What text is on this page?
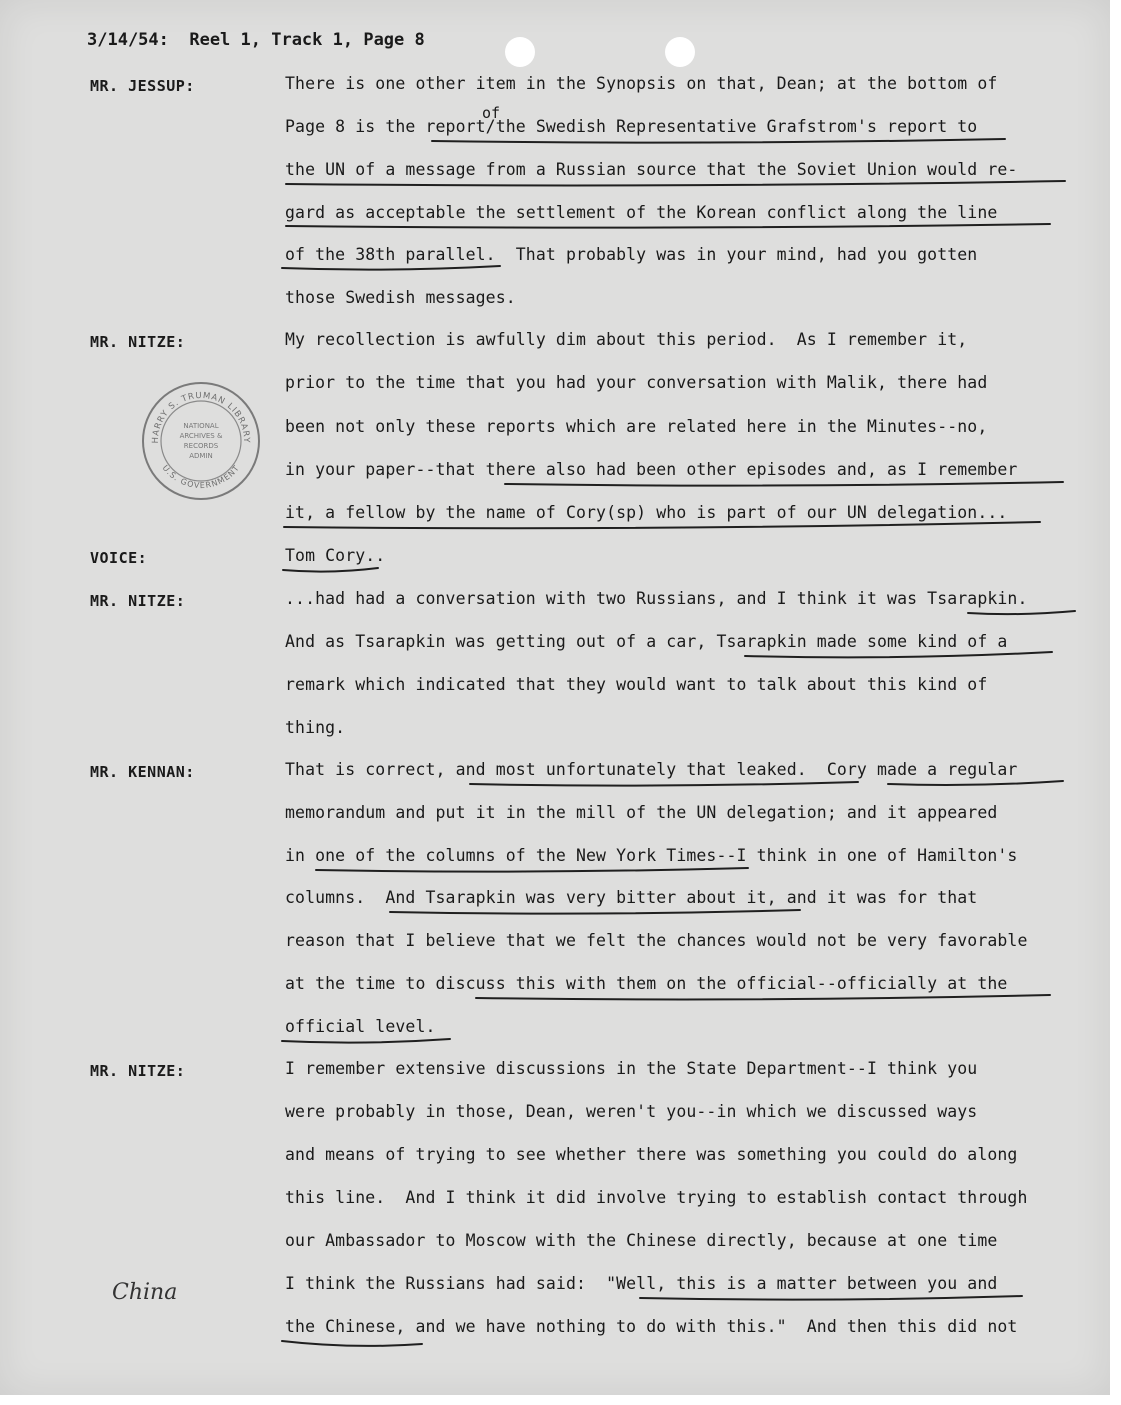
3/14/54:  Reel 1, Track 1, Page 8
MR. JESSUP:
of
There is one other item in the Synopsis on that, Dean; at the bottom of
Page 8 is the report/the Swedish Representative Grafstrom's report to
the UN of a message from a Russian source that the Soviet Union would re-
gard as acceptable the settlement of the Korean conflict along the line
of the 38th parallel.  That probably was in your mind, had you gotten
those Swedish messages.
MR. NITZE:	My recollection is awfully dim about this period.  As I remember it,
prior to the time that you had your conversation with Malik, there had
been not only these reports which are related here in the Minutes--no,
in your paper--that there also had been other episodes and, as I remember
it, a fellow by the name of Cory(sp) who is part of our UN delegation...
VOICE:	Tom Cory..
MR. NITZE:	...had had a conversation with two Russians, and I think it was Tsarapkin.
And as Tsarapkin was getting out of a car, Tsarapkin made some kind of a
remark which indicated that they would want to talk about this kind of
thing.
MR. KENNAN:	That is correct, and most unfortunately that leaked.  Cory made a regular
memorandum and put it in the mill of the UN delegation; and it appeared
in one of the columns of the New York Times--I think in one of Hamilton's
columns.  And Tsarapkin was very bitter about it, and it was for that
reason that I believe that we felt the chances would not be very favorable
at the time to discuss this with them on the official--officially at the
official level.
MR. NITZE:	I remember extensive discussions in the State Department--I think you
were probably in those, Dean, weren't you--in which we discussed ways
and means of trying to see whether there was something you could do along
this line.  And I think it did involve trying to establish contact through
our Ambassador to Moscow with the Chinese directly, because at one time
I think the Russians had said:  "Well, this is a matter between you and
the Chinese, and we have nothing to do with this."  And then this did not
China
HARRY S. TRUMAN LIBRARY
U.S. GOVERNMENT
NATIONAL
ARCHIVES &
RECORDS
ADMIN
